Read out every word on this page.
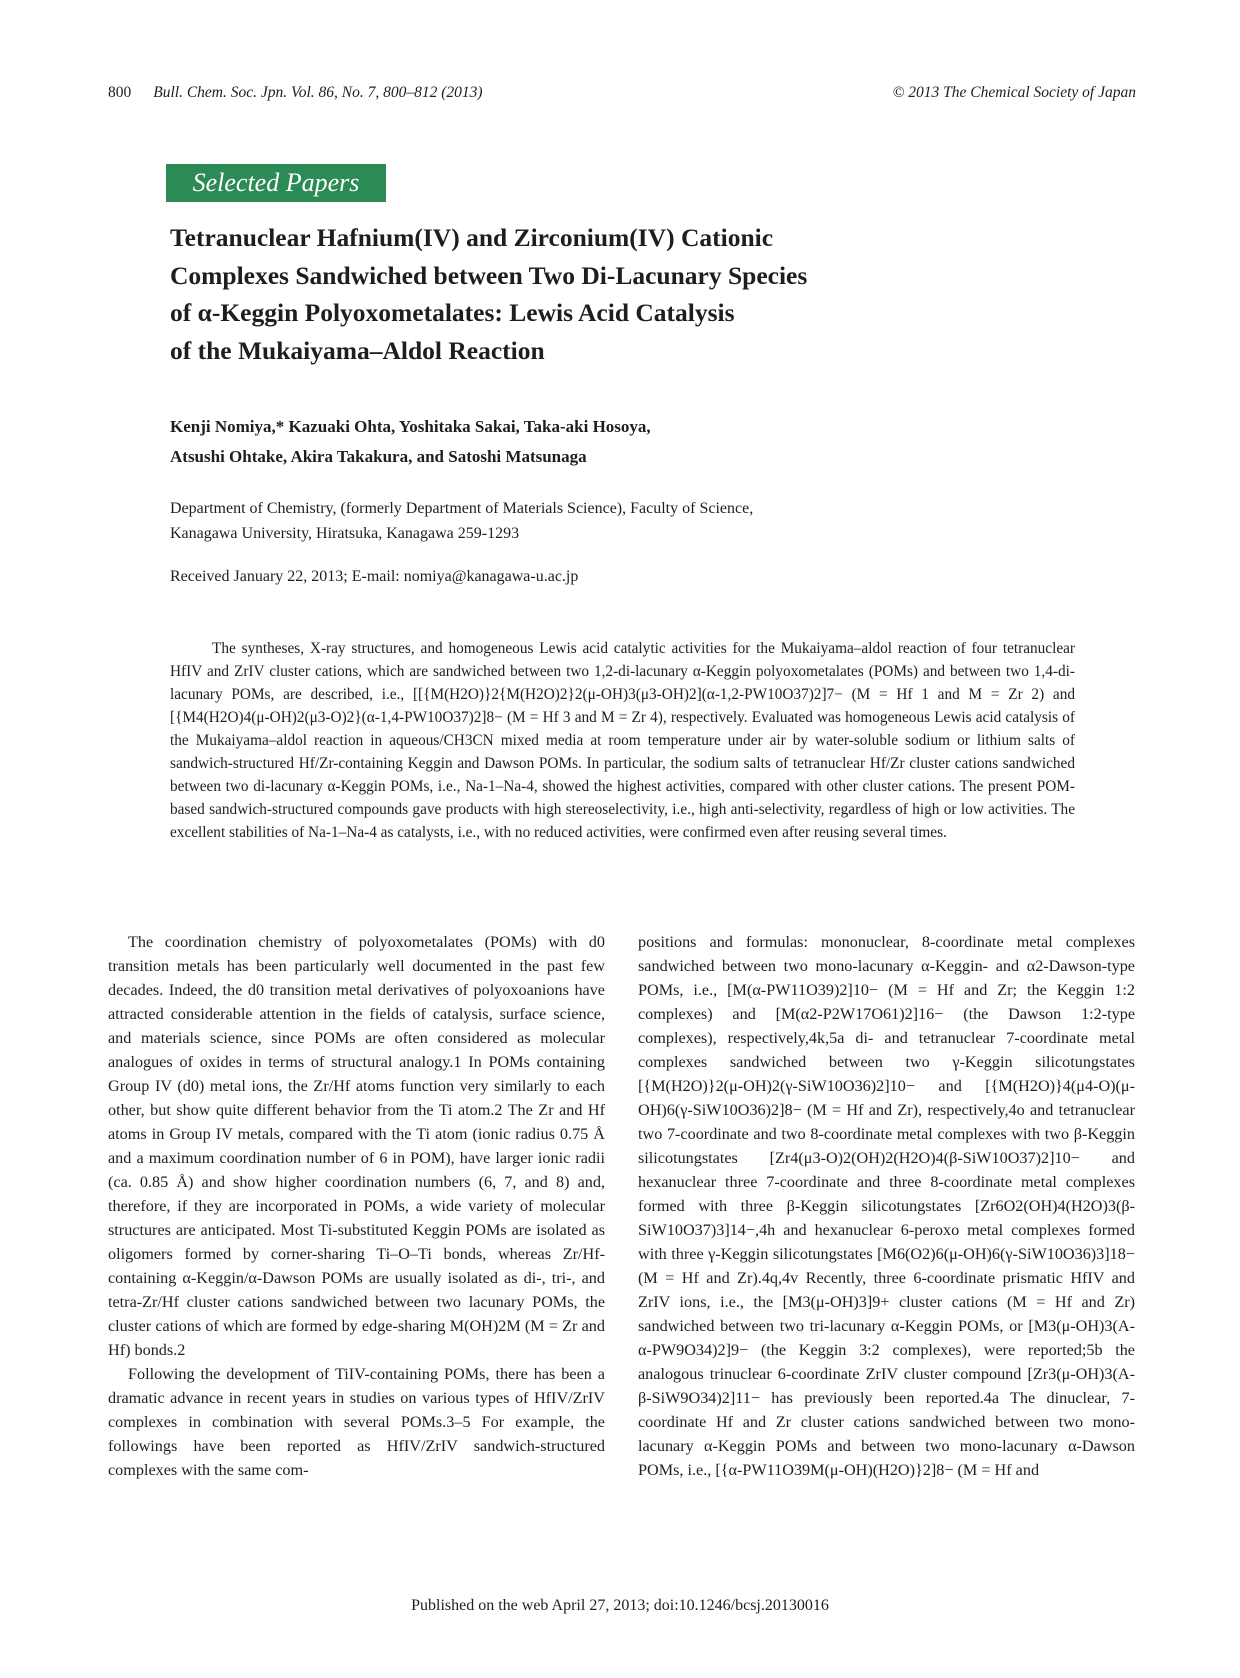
800 Bull. Chem. Soc. Jpn. Vol. 86, No. 7, 800–812 (2013)	© 2013 The Chemical Society of Japan
Selected Papers
Tetranuclear Hafnium(IV) and Zirconium(IV) Cationic
Complexes Sandwiched between Two Di-Lacunary Species
of α-Keggin Polyoxometalates: Lewis Acid Catalysis
of the Mukaiyama–Aldol Reaction
Kenji Nomiya,* Kazuaki Ohta, Yoshitaka Sakai, Taka-aki Hosoya,
Atsushi Ohtake, Akira Takakura, and Satoshi Matsunaga
Department of Chemistry, (formerly Department of Materials Science), Faculty of Science,
Kanagawa University, Hiratsuka, Kanagawa 259-1293
Received January 22, 2013; E-mail: nomiya@kanagawa-u.ac.jp

The syntheses, X-ray structures, and homogeneous Lewis acid catalytic activities for the Mukaiyama–aldol reaction of four tetranuclear HfIV and ZrIV cluster cations, which are sandwiched between two 1,2-di-lacunary α-Keggin polyoxometalates (POMs) and between two 1,4-di-lacunary POMs, are described, i.e., [[{M(H2O)}2{M(H2O)2}2(μ-OH)3(μ3-OH)2](α-1,2-PW10O37)2]7− (M = Hf 1 and M = Zr 2) and [{M4(H2O)4(μ-OH)2(μ3-O)2}(α-1,4-PW10O37)2]8− (M = Hf 3 and M = Zr 4), respectively. Evaluated was homogeneous Lewis acid catalysis of the Mukaiyama–aldol reaction in aqueous/CH3CN mixed media at room temperature under air by water-soluble sodium or lithium salts of sandwich-structured Hf/Zr-containing Keggin and Dawson POMs. In particular, the sodium salts of tetranuclear Hf/Zr cluster cations sandwiched between two di-lacunary α-Keggin POMs, i.e., Na-1–Na-4, showed the highest activities, compared with other cluster cations. The present POM-based sandwich-structured compounds gave products with high stereoselectivity, i.e., high anti-selectivity, regardless of high or low activities. The excellent stabilities of Na-1–Na-4 as catalysts, i.e., with no reduced activities, were confirmed even after reusing several times.

The coordination chemistry of polyoxometalates (POMs) with d0 transition metals has been particularly well documented in the past few decades. Indeed, the d0 transition metal derivatives of polyoxoanions have attracted considerable attention in the fields of catalysis, surface science, and materials science, since POMs are often considered as molecular analogues of oxides in terms of structural analogy.1 In POMs containing Group IV (d0) metal ions, the Zr/Hf atoms function very similarly to each other, but show quite different behavior from the Ti atom.2 The Zr and Hf atoms in Group IV metals, compared with the Ti atom (ionic radius 0.75 Å and a maximum coordination number of 6 in POM), have larger ionic radii (ca. 0.85 Å) and show higher coordination numbers (6, 7, and 8) and, therefore, if they are incorporated in POMs, a wide variety of molecular structures are anticipated. Most Ti-substituted Keggin POMs are isolated as oligomers formed by corner-sharing Ti–O–Ti bonds, whereas Zr/Hf-containing α-Keggin/α-Dawson POMs are usually isolated as di-, tri-, and tetra-Zr/Hf cluster cations sandwiched between two lacunary POMs, the cluster cations of which are formed by edge-sharing M(OH)2M (M = Zr and Hf) bonds.2

Following the development of TiIV-containing POMs, there has been a dramatic advance in recent years in studies on various types of HfIV/ZrIV complexes in combination with several POMs.3–5 For example, the followings have been reported as HfIV/ZrIV sandwich-structured complexes with the same com-

positions and formulas: mononuclear, 8-coordinate metal complexes sandwiched between two mono-lacunary α-Keggin- and α2-Dawson-type POMs, i.e., [M(α-PW11O39)2]10− (M = Hf and Zr; the Keggin 1:2 complexes) and [M(α2-P2W17O61)2]16− (the Dawson 1:2-type complexes), respectively,4k,5a di- and tetranuclear 7-coordinate metal complexes sandwiched between two γ-Keggin silicotungstates [{M(H2O)}2(μ-OH)2(γ-SiW10O36)2]10− and [{M(H2O)}4(μ4-O)(μ-OH)6(γ-SiW10O36)2]8− (M = Hf and Zr), respectively,4o and tetranuclear two 7-coordinate and two 8-coordinate metal complexes with two β-Keggin silicotungstates [Zr4(μ3-O)2(OH)2(H2O)4(β-SiW10O37)2]10− and hexanuclear three 7-coordinate and three 8-coordinate metal complexes formed with three β-Keggin silicotungstates [Zr6O2(OH)4(H2O)3(β-SiW10O37)3]14−,4h and hexanuclear 6-peroxo metal complexes formed with three γ-Keggin silicotungstates [M6(O2)6(μ-OH)6(γ-SiW10O36)3]18− (M = Hf and Zr).4q,4v Recently, three 6-coordinate prismatic HfIV and ZrIV ions, i.e., the [M3(μ-OH)3]9+ cluster cations (M = Hf and Zr) sandwiched between two tri-lacunary α-Keggin POMs, or [M3(μ-OH)3(A-α-PW9O34)2]9− (the Keggin 3:2 complexes), were reported;5b the analogous trinuclear 6-coordinate ZrIV cluster compound [Zr3(μ-OH)3(A-β-SiW9O34)2]11− has previously been reported.4a The dinuclear, 7-coordinate Hf and Zr cluster cations sandwiched between two mono-lacunary α-Keggin POMs and between two mono-lacunary α-Dawson POMs, i.e., [{α-PW11O39M(μ-OH)(H2O)}2]8− (M = Hf and

Published on the web April 27, 2013; doi:10.1246/bcsj.20130016
